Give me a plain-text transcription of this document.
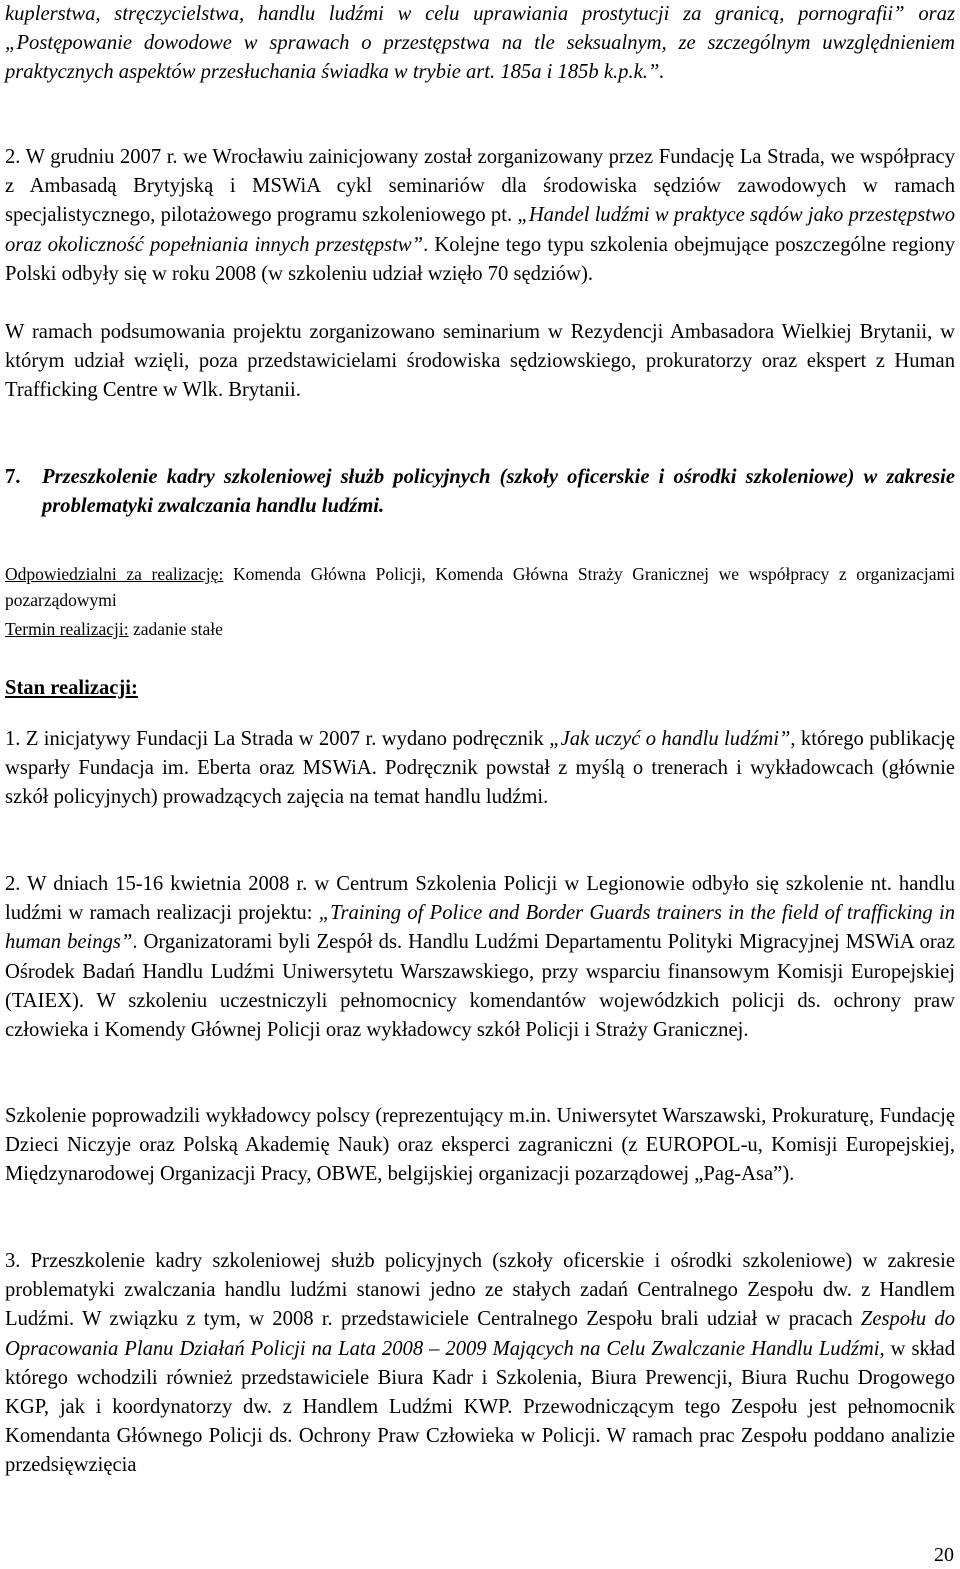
kuplerstwa, stręczycielstwa, handlu ludźmi w celu uprawiania prostytucji za granicą, pornografii” oraz „Postępowanie dowodowe w sprawach o przestępstwa na tle seksualnym, ze szczególnym uwzględnieniem praktycznych aspektów przesłuchania świadka w trybie art. 185a i 185b k.p.k.”.

2. W grudniu 2007 r. we Wrocławiu zainicjowany został zorganizowany przez Fundację La Strada, we współpracy z Ambasadą Brytyjską i MSWiA cykl seminariów dla środowiska sędziów zawodowych w ramach specjalistycznego, pilotażowego programu szkoleniowego pt. „Handel ludźmi w praktyce sądów jako przestępstwo oraz okoliczność popełniania innych przestępstw”. Kolejne tego typu szkolenia obejmujące poszczególne regiony Polski odbyły się w roku 2008 (w szkoleniu udział wzięło 70 sędziów).

W ramach podsumowania projektu zorganizowano seminarium w Rezydencji Ambasadora Wielkiej Brytanii, w którym udział wzięli, poza przedstawicielami środowiska sędziowskiego, prokuratorzy oraz ekspert z Human Trafficking Centre w Wlk. Brytanii.

7.	Przeszkolenie kadry szkoleniowej służb policyjnych (szkoły oficerskie i ośrodki szkoleniowe) w zakresie problematyki zwalczania handlu ludźmi.

Odpowiedzialni za realizację: Komenda Główna Policji, Komenda Główna Straży Granicznej we współpracy z organizacjami pozarządowymi

Termin realizacji: zadanie stałe

Stan realizacji:

1. Z inicjatywy Fundacji La Strada w 2007 r. wydano podręcznik „Jak uczyć o handlu ludźmi”, którego publikację wsparły Fundacja im. Eberta oraz MSWiA. Podręcznik powstał z myślą o trenerach i wykładowcach (głównie szkół policyjnych) prowadzących zajęcia na temat handlu ludźmi.

2. W dniach 15-16 kwietnia 2008 r. w Centrum Szkolenia Policji w Legionowie odbyło się szkolenie nt. handlu ludźmi w ramach realizacji projektu: „Training of Police and Border Guards trainers in the field of trafficking in human beings”. Organizatorami byli Zespół ds. Handlu Ludźmi Departamentu Polityki Migracyjnej MSWiA oraz Ośrodek Badań Handlu Ludźmi Uniwersytetu Warszawskiego, przy wsparciu finansowym Komisji Europejskiej (TAIEX). W szkoleniu uczestniczyli pełnomocnicy komendantów wojewódzkich policji ds. ochrony praw człowieka i Komendy Głównej Policji oraz wykładowcy szkół Policji i Straży Granicznej.

Szkolenie poprowadzili wykładowcy polscy (reprezentujący m.in. Uniwersytet Warszawski, Prokuraturę, Fundację Dzieci Niczyje oraz Polską Akademię Nauk) oraz eksperci zagraniczni (z EUROPOL-u, Komisji Europejskiej, Międzynarodowej Organizacji Pracy, OBWE, belgijskiej organizacji pozarządowej „Pag-Asa”).

3. Przeszkolenie kadry szkoleniowej służb policyjnych (szkoły oficerskie i ośrodki szkoleniowe) w zakresie problematyki zwalczania handlu ludźmi stanowi jedno ze stałych zadań Centralnego Zespołu dw. z Handlem Ludźmi. W związku z tym, w 2008 r. przedstawiciele Centralnego Zespołu brali udział w pracach Zespołu do Opracowania Planu Działań Policji na Lata 2008 – 2009 Mających na Celu Zwalczanie Handlu Ludźmi, w skład którego wchodzili również przedstawiciele Biura Kadr i Szkolenia, Biura Prewencji, Biura Ruchu Drogowego KGP, jak i koordynatorzy dw. z Handlem Ludźmi KWP. Przewodniczącym tego Zespołu jest pełnomocnik Komendanta Głównego Policji ds. Ochrony Praw Człowieka w Policji. W ramach prac Zespołu poddano analizie przedsięwzięcia

20
